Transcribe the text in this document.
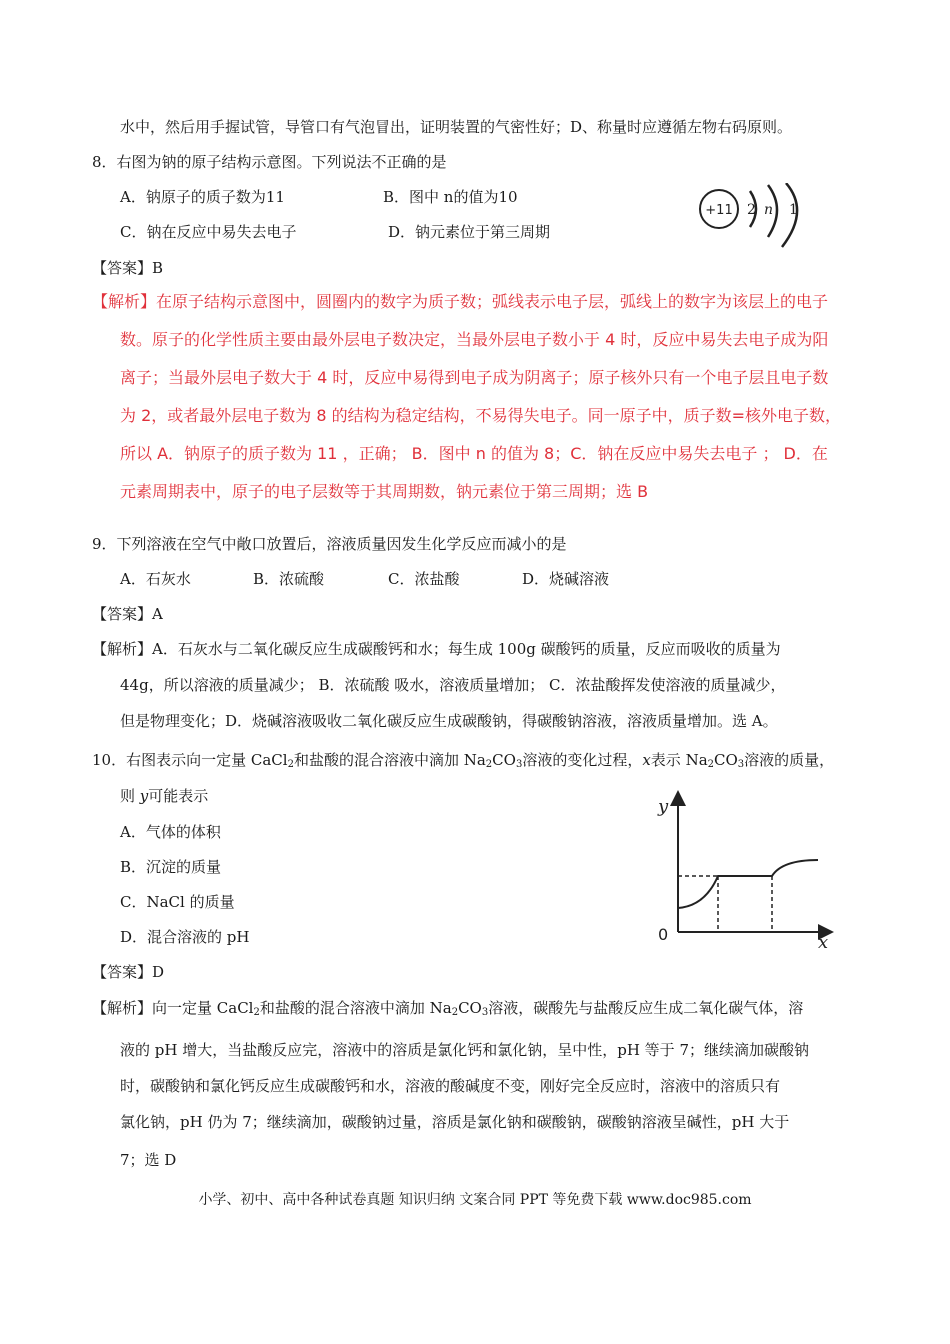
水中，然后用手握试管，导管口有气泡冒出，证明装置的气密性好；D、称量时应遵循左物右码原则。
8．右图为钠的原子结构示意图。下列说法不正确的是
A．钠原子的质子数为11	B．图中 n的值为10
C．钠在反应中易失去电子	D．钠元素位于第三周期
+11 2 n 1
【答案】B
【解析】在原子结构示意图中，圆圈内的数字为质子数；弧线表示电子层，弧线上的数字为该层上的电子
数。原子的化学性质主要由最外层电子数决定，当最外层电子数小于 4 时，反应中易失去电子成为阳
离子；当最外层电子数大于 4 时，反应中易得到电子成为阴离子；原子核外只有一个电子层且电子数
为 2，或者最外层电子数为 8 的结构为稳定结构，不易得失电子。同一原子中，质子数=核外电子数，
所以 A．钠原子的质子数为 11 ，正确； B．图中 n 的值为 8；C．钠在反应中易失去电子 ； D．在
元素周期表中，原子的电子层数等于其周期数，钠元素位于第三周期；选 B
9．下列溶液在空气中敞口放置后，溶液质量因发生化学反应而减小的是
A．石灰水	B．浓硫酸	C．浓盐酸	D．烧碱溶液
【答案】A
【解析】A．石灰水与二氧化碳反应生成碳酸钙和水；每生成 100g 碳酸钙的质量，反应而吸收的质量为
44g，所以溶液的质量减少； B．浓硫酸 吸水，溶液质量增加； C．浓盐酸挥发使溶液的质量减少，
但是物理变化；D．烧碱溶液吸收二氧化碳反应生成碳酸钠，得碳酸钠溶液，溶液质量增加。选 A。
10．右图表示向一定量 CaCl$_2$和盐酸的混合溶液中滴加 $Na_2CO_3$溶液的变化过程，x表示 $Na_2CO_3$溶液的质量，
则 y可能表示
A．气体的体积
B．沉淀的质量
C．NaCl 的质量
D．混合溶液的 pH
y
x
0
【答案】D
【解析】向一定量 CaCl$_2$和盐酸的混合溶液中滴加 $Na_2CO_3$溶液，碳酸先与盐酸反应生成二氧化碳气体，溶
液的 pH 增大，当盐酸反应完，溶液中的溶质是氯化钙和氯化钠，呈中性，pH 等于 7；继续滴加碳酸钠
时，碳酸钠和氯化钙反应生成碳酸钙和水，溶液的酸碱度不变，刚好完全反应时，溶液中的溶质只有
氯化钠，pH 仍为 7；继续滴加，碳酸钠过量，溶质是氯化钠和碳酸钠，碳酸钠溶液呈碱性，pH 大于
7；选 D
小学、初中、高中各种试卷真题 知识归纳 文案合同 PPT 等免费下载 www.doc985.com
